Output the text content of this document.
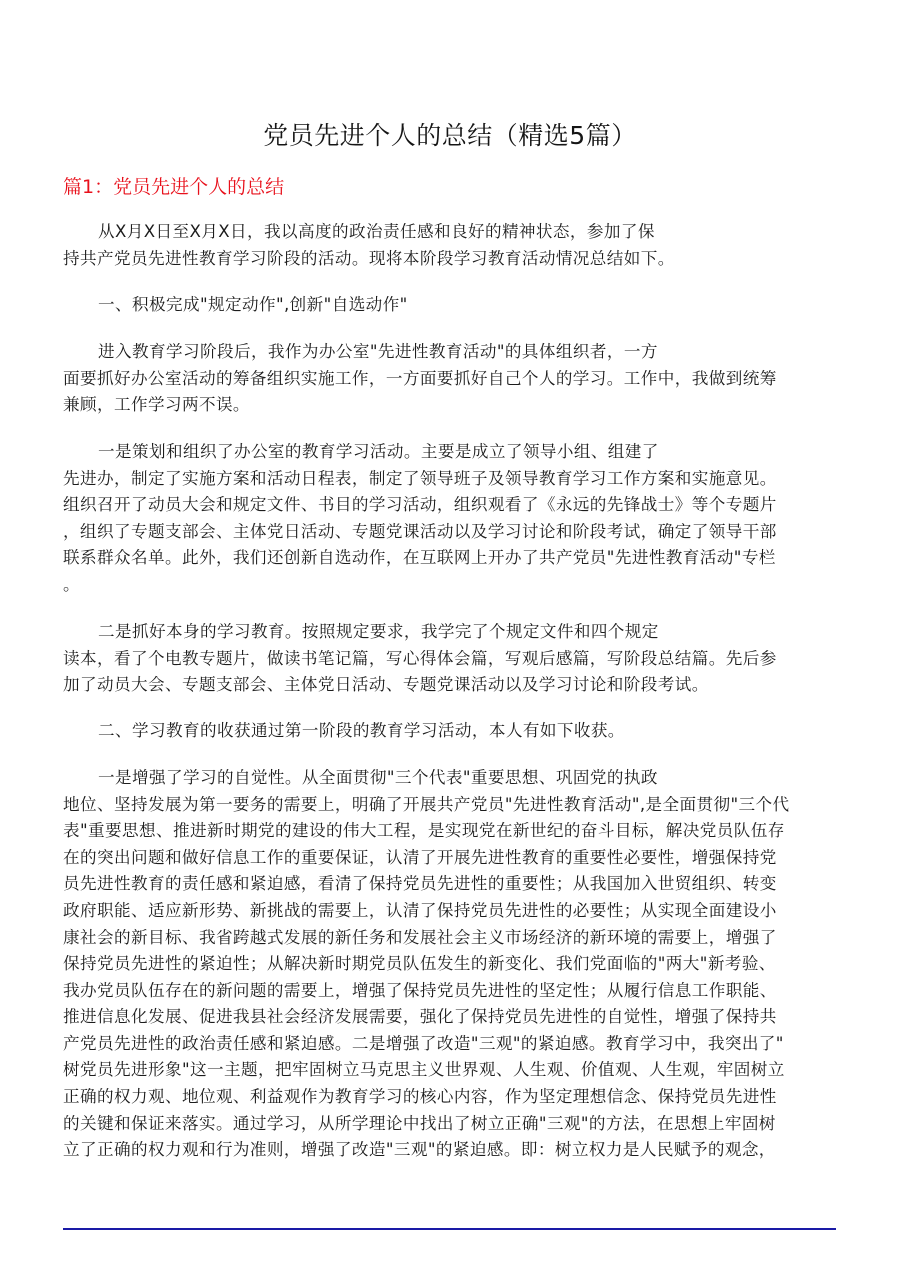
党员先进个人的总结（精选5篇）
篇1：党员先进个人的总结
从X月X日至X月X日，我以高度的政治责任感和良好的精神状态，参加了保
持共产党员先进性教育学习阶段的活动。现将本阶段学习教育活动情况总结如下。
一、积极完成"规定动作",创新"自选动作"
进入教育学习阶段后，我作为办公室"先进性教育活动"的具体组织者，一方
面要抓好办公室活动的筹备组织实施工作，一方面要抓好自己个人的学习。工作中，我做到统筹
兼顾，工作学习两不误。
一是策划和组织了办公室的教育学习活动。主要是成立了领导小组、组建了
先进办，制定了实施方案和活动日程表，制定了领导班子及领导教育学习工作方案和实施意见。
组织召开了动员大会和规定文件、书目的学习活动，组织观看了《永远的先锋战士》等个专题片
，组织了专题支部会、主体党日活动、专题党课活动以及学习讨论和阶段考试，确定了领导干部
联系群众名单。此外，我们还创新自选动作，在互联网上开办了共产党员"先进性教育活动"专栏
。
二是抓好本身的学习教育。按照规定要求，我学完了个规定文件和四个规定
读本，看了个电教专题片，做读书笔记篇，写心得体会篇，写观后感篇，写阶段总结篇。先后参
加了动员大会、专题支部会、主体党日活动、专题党课活动以及学习讨论和阶段考试。
二、学习教育的收获通过第一阶段的教育学习活动，本人有如下收获。
一是增强了学习的自觉性。从全面贯彻"三个代表"重要思想、巩固党的执政
地位、坚持发展为第一要务的需要上，明确了开展共产党员"先进性教育活动",是全面贯彻"三个代
表"重要思想、推进新时期党的建设的伟大工程，是实现党在新世纪的奋斗目标，解决党员队伍存
在的突出问题和做好信息工作的重要保证，认清了开展先进性教育的重要性必要性，增强保持党
员先进性教育的责任感和紧迫感，看清了保持党员先进性的重要性；从我国加入世贸组织、转变
政府职能、适应新形势、新挑战的需要上，认清了保持党员先进性的必要性；从实现全面建设小
康社会的新目标、我省跨越式发展的新任务和发展社会主义市场经济的新环境的需要上，增强了
保持党员先进性的紧迫性；从解决新时期党员队伍发生的新变化、我们党面临的"两大"新考验、
我办党员队伍存在的新问题的需要上，增强了保持党员先进性的坚定性；从履行信息工作职能、
推进信息化发展、促进我县社会经济发展需要，强化了保持党员先进性的自觉性，增强了保持共
产党员先进性的政治责任感和紧迫感。二是增强了改造"三观"的紧迫感。教育学习中，我突出了"
树党员先进形象"这一主题，把牢固树立马克思主义世界观、人生观、价值观、人生观，牢固树立
正确的权力观、地位观、利益观作为教育学习的核心内容，作为坚定理想信念、保持党员先进性
的关键和保证来落实。通过学习，从所学理论中找出了树立正确"三观"的方法，在思想上牢固树
立了正确的权力观和行为准则，增强了改造"三观"的紧迫感。即：树立权力是人民赋予的观念，
